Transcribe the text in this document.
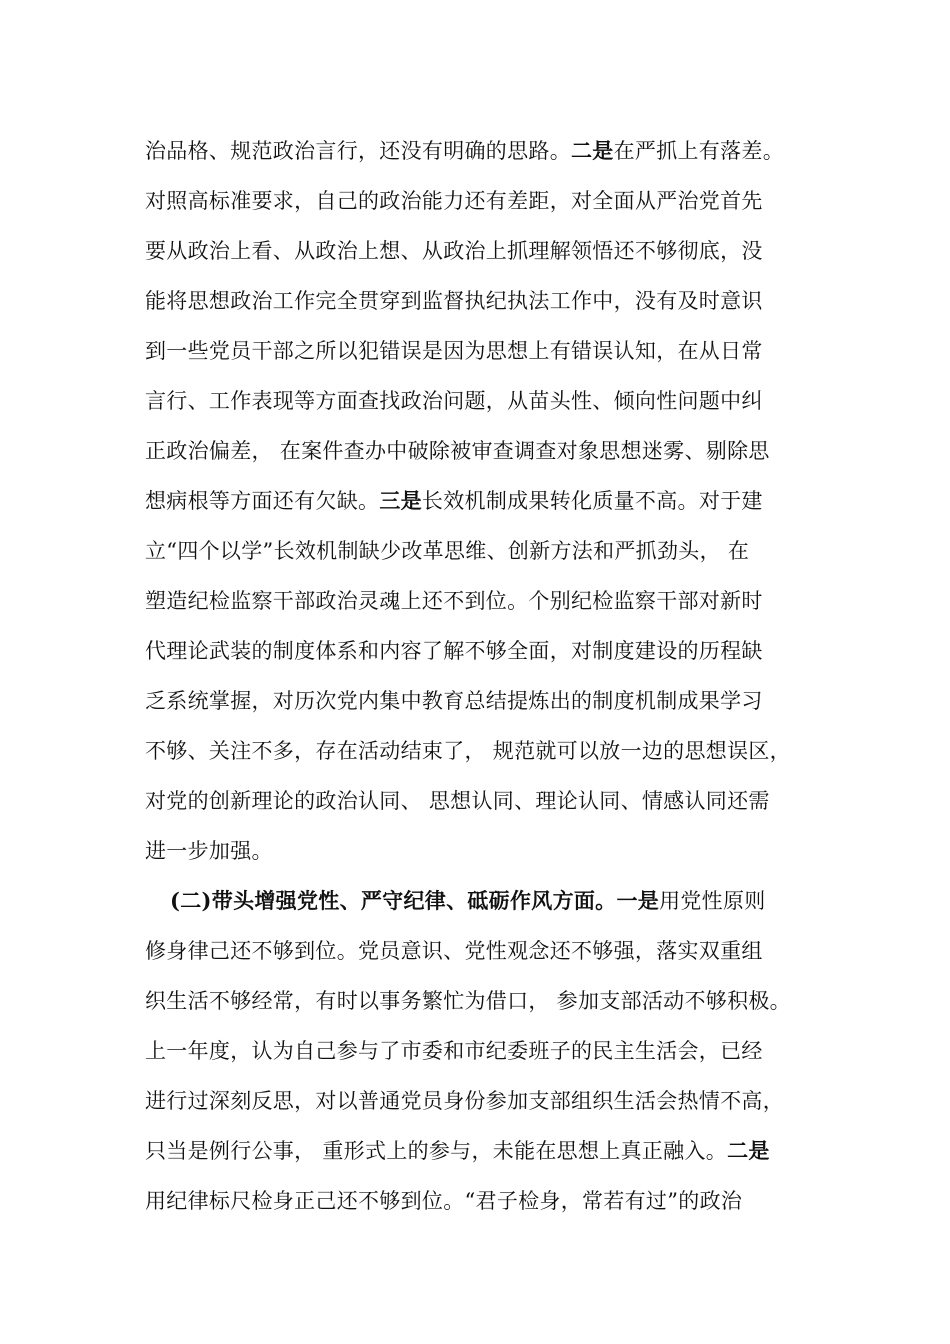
治品格、规范政治言行，还没有明确的思路。二是在严抓上有落差。
对照高标准要求，自己的政治能力还有差距，对全面从严治党首先
要从政治上看、从政治上想、从政治上抓理解领悟还不够彻底，没
能将思想政治工作完全贯穿到监督执纪执法工作中，没有及时意识
到一些党员干部之所以犯错误是因为思想上有错误认知，在从日常
言行、工作表现等方面查找政治问题，从苗头性、倾向性问题中纠
正政治偏差， 在案件查办中破除被审查调查对象思想迷雾、剔除思
想病根等方面还有欠缺。三是长效机制成果转化质量不高。对于建
立“四个以学”长效机制缺少改革思维、创新方法和严抓劲头， 在
塑造纪检监察干部政治灵魂上还不到位。个别纪检监察干部对新时
代理论武装的制度体系和内容了解不够全面，对制度建设的历程缺
乏系统掌握，对历次党内集中教育总结提炼出的制度机制成果学习
不够、关注不多，存在活动结束了， 规范就可以放一边的思想误区，
对党的创新理论的政治认同、 思想认同、理论认同、情感认同还需
进一步加强。
(二)带头增强党性、严守纪律、砥砺作风方面。一是用党性原则
修身律己还不够到位。党员意识、党性观念还不够强，落实双重组
织生活不够经常，有时以事务繁忙为借口， 参加支部活动不够积极。
上一年度，认为自己参与了市委和市纪委班子的民主生活会，已经
进行过深刻反思，对以普通党员身份参加支部组织生活会热情不高，
只当是例行公事， 重形式上的参与，未能在思想上真正融入。二是
用纪律标尺检身正己还不够到位。“君子检身，常若有过”的政治
